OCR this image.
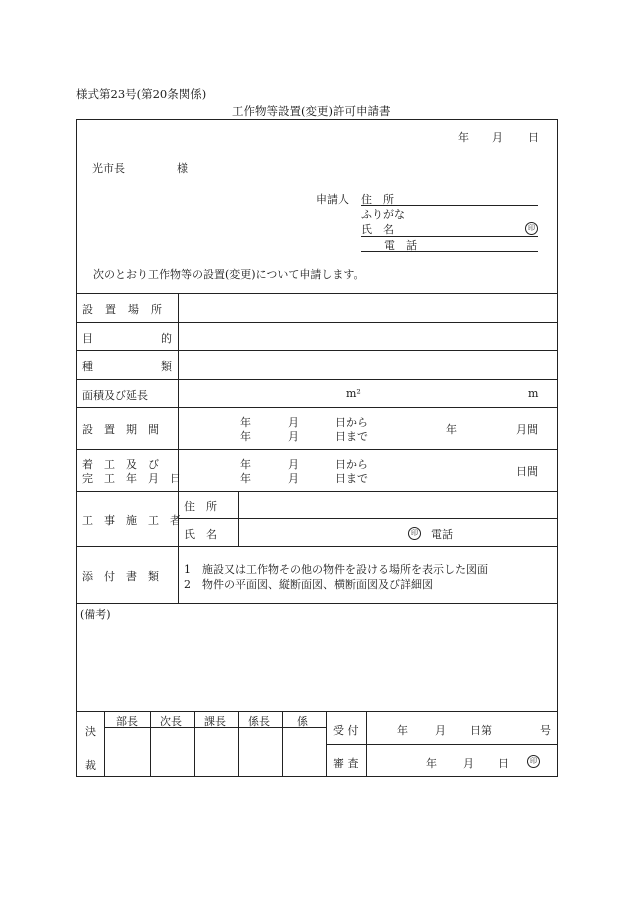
様式第23号(第20条関係)
工作物等設置(変更)許可申請書
年 月 日
光市長	様
申請人 住　所
ふりがな
氏　名	印
電　話
次のとおり工作物等の設置(変更)について申請します。
設　置　場　所
目	的
種	類
面積及び延長	m²	m
設　置　期　間
年	月	日から
年	月	日まで
年	月間
着　工　及　び
完　工　年　月　日
年	月	日から
年	月	日まで
日間
工　事　施　工　者
住　所
氏　名	印 電話
添　付　書　類
1　施設又は工作物その他の物件を設ける場所を表示した図面
2　物件の平面図、縦断面図、横断面図及び詳細図
(備考)
決
裁
部長 次長 課長 係長 係
受 付	年 月 日第	号
審 査	年 月 日	印
